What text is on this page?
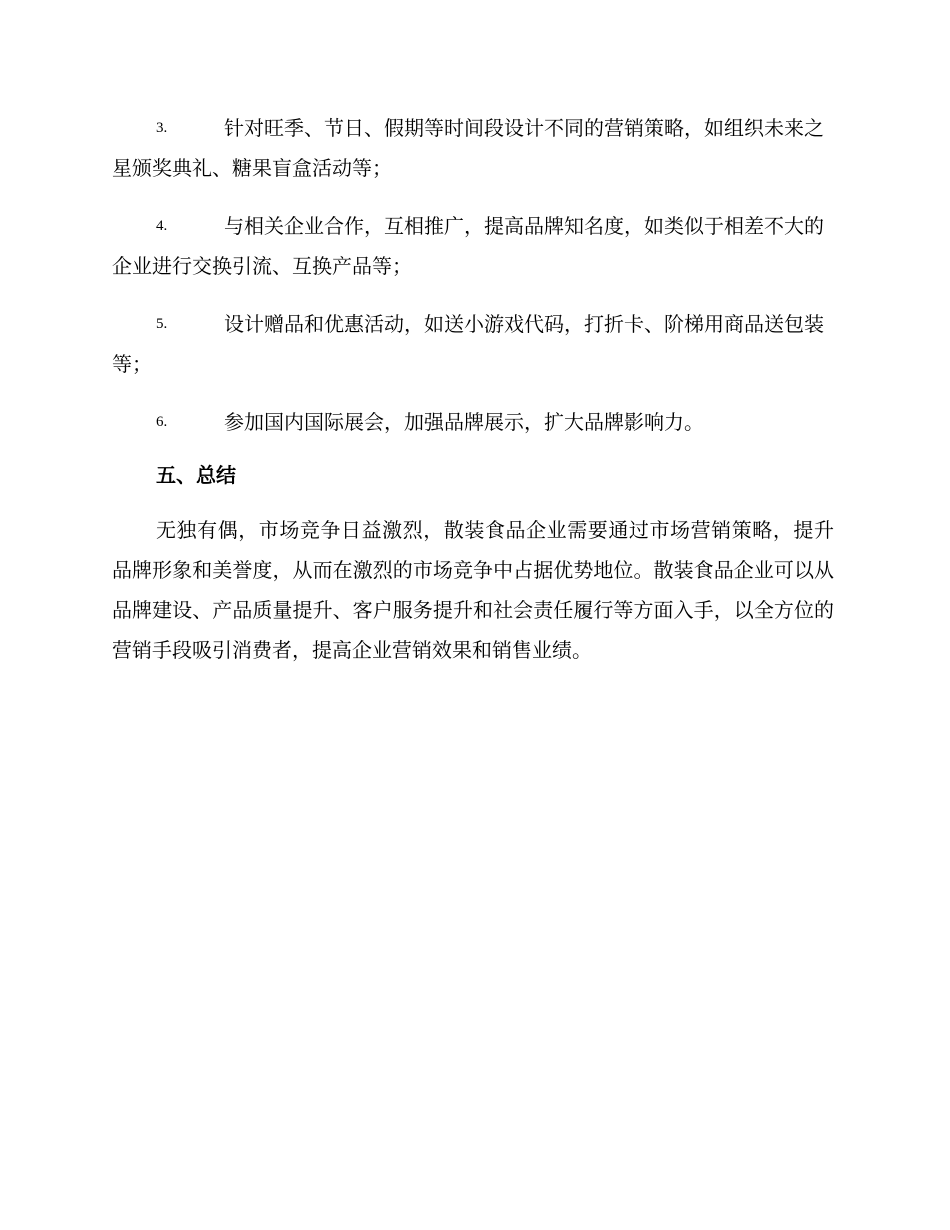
3.	针对旺季、节日、假期等时间段设计不同的营销策略，如组织未来之星颁奖典礼、糖果盲盒活动等；
4.	与相关企业合作，互相推广，提高品牌知名度，如类似于相差不大的企业进行交换引流、互换产品等；
5.	设计赠品和优惠活动，如送小游戏代码，打折卡、阶梯用商品送包装等；
6.	参加国内国际展会，加强品牌展示，扩大品牌影响力。
五、总结

无独有偶，市场竞争日益激烈，散装食品企业需要通过市场营销策略，提升品牌形象和美誉度，从而在激烈的市场竞争中占据优势地位。散装食品企业可以从品牌建设、产品质量提升、客户服务提升和社会责任履行等方面入手，以全方位的营销手段吸引消费者，提高企业营销效果和销售业绩。
